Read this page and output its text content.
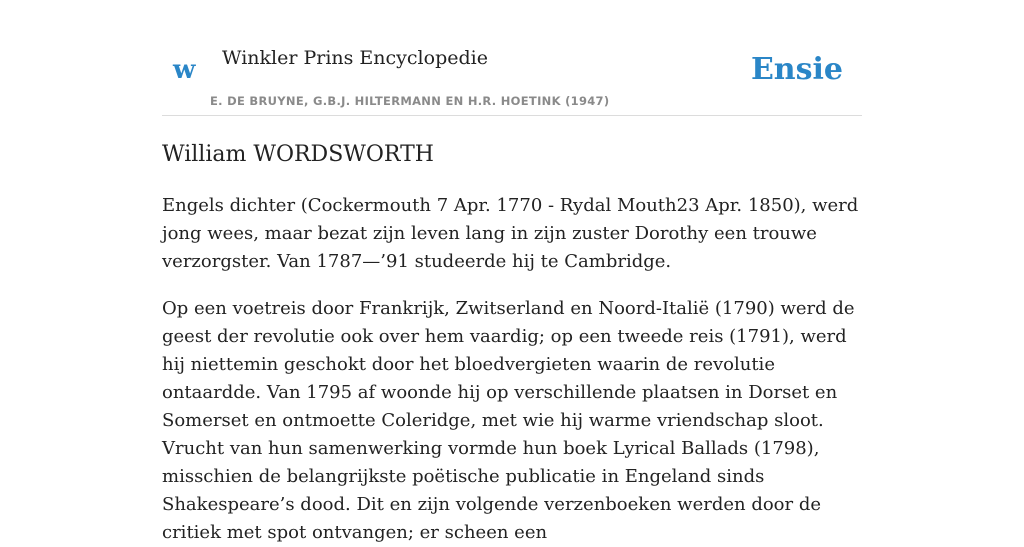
w Winkler Prins Encyclopedie
E. DE BRUYNE, G.B.J. HILTERMANN EN H.R. HOETINK (1947)
Ensie
William WORDSWORTH

Engels dichter (Cockermouth 7 Apr. 1770 - Rydal Mouth23 Apr. 1850), werd jong wees, maar bezat zijn leven lang in zijn zuster Dorothy een trouwe verzorgster. Van 1787—’91 studeerde hij te Cambridge.

Op een voetreis door Frankrijk, Zwitserland en Noord-Italië (1790) werd de geest der revolutie ook over hem vaardig; op een tweede reis (1791), werd hij niettemin geschokt door het bloedvergieten waarin de revolutie ontaardde. Van 1795 af woonde hij op verschillende plaatsen in Dorset en Somerset en ontmoette Coleridge, met wie hij warme vriendschap sloot. Vrucht van hun samenwerking vormde hun boek Lyrical Ballads (1798), misschien de belangrijkste poëtische publicatie in Engeland sinds Shakespeare’s dood. Dit en zijn volgende verzenboeken werden door de critiek met spot ontvangen; er scheen een
